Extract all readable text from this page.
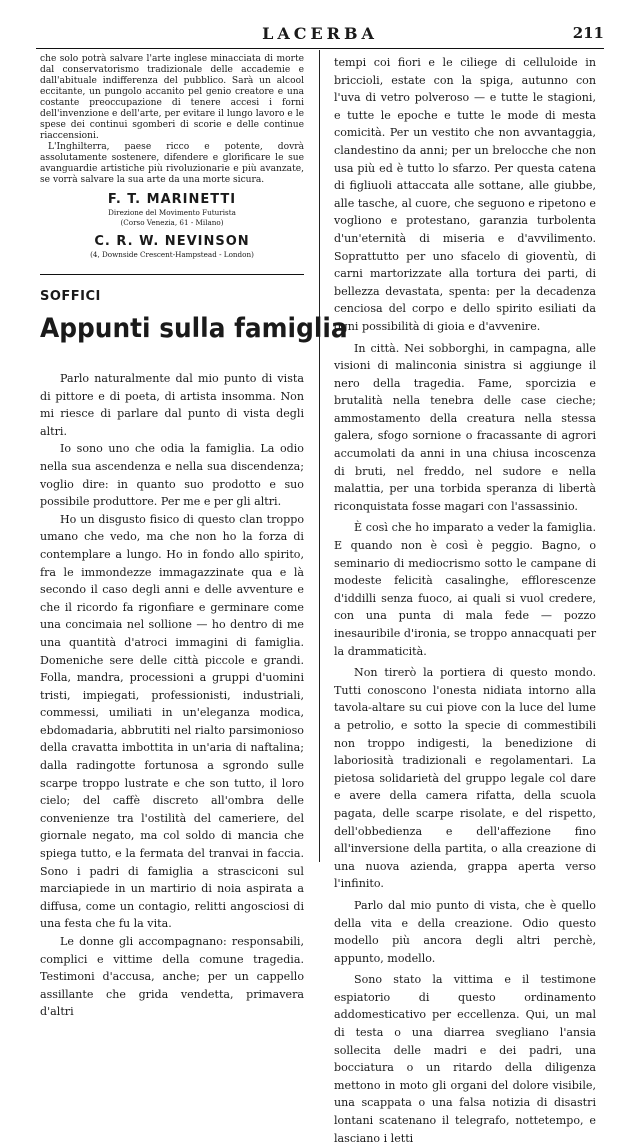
LACERBA	211

che solo potrà salvare l'arte inglese minacciata di morte dal conservatorismo tradizionale delle accademie e dall'abituale indifferenza del pubblico. Sarà un alcool eccitante, un pungolo accanito pel genio creatore e una costante preoccupazione di tenere accesi i forni dell'invenzione e dell'arte, per evitare il lungo lavoro e le spese dei continui sgomberi di scorie e delle continue riaccensioni.

L'Inghilterra, paese ricco e potente, dovrà assolutamente sostenere, difendere e glorificare le sue avanguardie artistiche più rivoluzionarie e più avanzate, se vorrà salvare la sua arte da una morte sicura.

F. T. MARINETTI
Direzione del Movimento Futurista
(Corso Venezia, 61 - Milano)
C. R. W. NEVINSON
(4, Downside Crescent-Hampstead - London)
SOFFICI
Appunti sulla famiglia

Parlo naturalmente dal mio punto di vista di pittore e di poeta, di artista insomma. Non mi riesce di parlare dal punto di vista degli altri.

Io sono uno che odia la famiglia. La odio nella sua ascendenza e nella sua discendenza; voglio dire: in quanto suo prodotto e suo possibile produttore. Per me e per gli altri.

Ho un disgusto fisico di questo clan troppo umano che vedo, ma che non ho la forza di contemplare a lungo. Ho in fondo allo spirito, fra le immondezze immagazzinate qua e là secondo il caso degli anni e delle avventure e che il ricordo fa rigonfiare e germinare come una concimaia nel sollione — ho dentro di me una quantità d'atroci immagini di famiglia. Domeniche sere delle città piccole e grandi. Folla, mandra, processioni a gruppi d'uomini tristi, impiegati, professionisti, industriali, commessi, umiliati in un'eleganza modica, ebdomadaria, abbrutiti nel rialto parsimonioso della cravatta imbottita in un'aria di naftalina; dalla radingotte fortunosa a sgrondo sulle scarpe troppo lustrate e che son tutto, il loro cielo; del caffè discreto all'ombra delle convenienze tra l'ostilità del cameriere, del giornale negato, ma col soldo di mancia che spiega tutto, e la fermata del tranvai in faccia. Sono i padri di famiglia a strasciconi sul marciapiede in un martirio di noia aspirata a diffusa, come un contagio, relitti angosciosi di una festa che fu la vita.

Le donne gli accompagnano: responsabili, complici e vittime della comune tragedia. Testimoni d'accusa, anche; per un cappello assillante che grida vendetta, primavera d'altri

tempi coi fiori e le ciliege di celluloide in briccioli, estate con la spiga, autunno con l'uva di vetro polveroso — e tutte le stagioni, e tutte le epoche e tutte le mode di mesta comicità. Per un vestito che non avvantaggia, clandestino da anni; per un brelocche che non usa più ed è tutto lo sfarzo. Per questa catena di figliuoli attaccata alle sottane, alle giubbe, alle tasche, al cuore, che seguono e ripetono e vogliono e protestano, garanzia turbolenta d'un'eternità di miseria e d'avvilimento. Soprattutto per uno sfacelo di gioventù, di carni martorizzate alla tortura dei parti, di bellezza devastata, spenta: per la decadenza cenciosa del corpo e dello spirito esiliati da ogni possibilità di gioia e d'avvenire.

In città. Nei sobborghi, in campagna, alle visioni di malinconia sinistra si aggiunge il nero della tragedia. Fame, sporcizia e brutalità nella tenebra delle case cieche; ammostamento della creatura nella stessa galera, sfogo sornione o fracassante di agrori accumolati da anni in una chiusa incoscenza di bruti, nel freddo, nel sudore e nella malattia, per una torbida speranza di libertà riconquistata fosse magari con l'assassinio.

È così che ho imparato a veder la famiglia. E quando non è così è peggio. Bagno, o seminario di mediocrismo sotto le campane di modeste felicità casalinghe, efflorescenze d'iddilli senza fuoco, ai quali si vuol credere, con una punta di mala fede — pozzo inesauribile d'ironia, se troppo annacquati per la drammaticità.

Non tirerò la portiera di questo mondo. Tutti conoscono l'onesta nidiata intorno alla tavola-altare su cui piove con la luce del lume a petrolio, e sotto la specie di commestibili non troppo indigesti, la benedizione di laboriosità tradizionali e regolamentari. La pietosa solidarietà del gruppo legale col dare e avere della camera rifatta, della scuola pagata, delle scarpe risolate, e del rispetto, dell'obbedienza e dell'affezione fino all'inversione della partita, o alla creazione di una nuova azienda, grappa aperta verso l'infinito.

Parlo dal mio punto di vista, che è quello della vita e della creazione. Odio questo modello più ancora degli altri perchè, appunto, modello.

Sono stato la vittima e il testimone espiatorio di questo ordinamento addomesticativo per eccellenza. Qui, un mal di testa o una diarrea svegliano l'ansia sollecita delle madri e dei padri, una bocciatura o un ritardo della diligenza mettono in moto gli organi del dolore visibile, una scappata o una falsa notizia di disastri lontani scatenano il telegrafo, nottetempo, e lasciano i letti
